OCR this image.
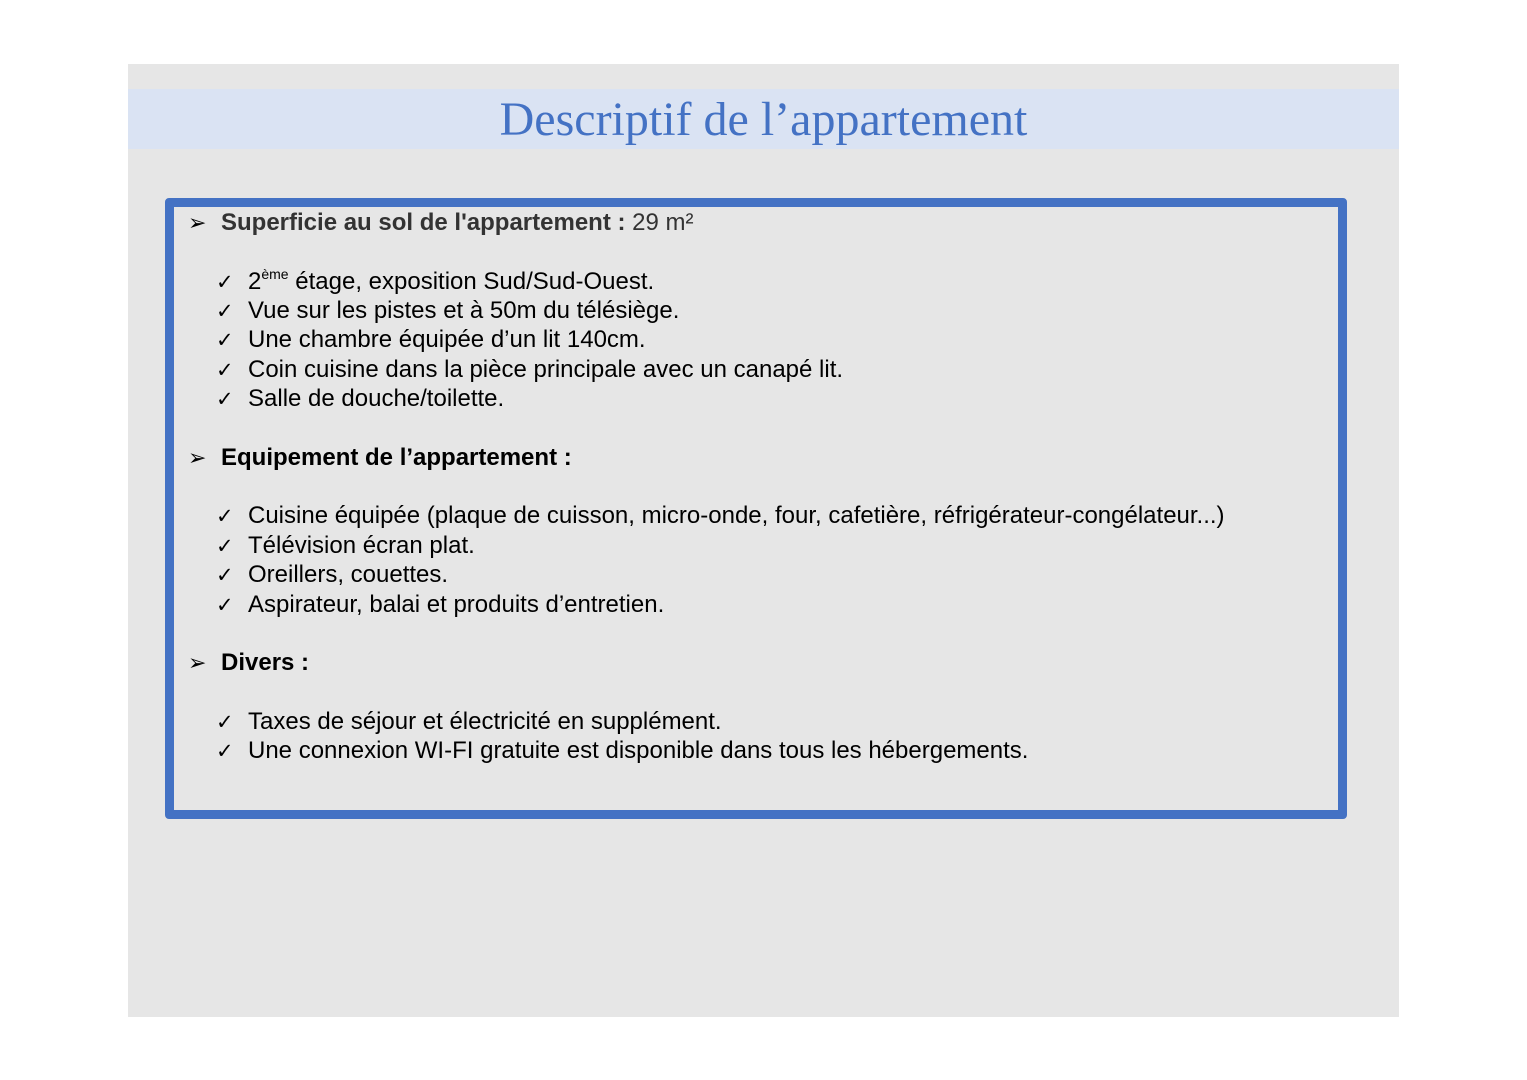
Descriptif de l’appartement
➢ Superficie au sol de l'appartement : 29 m²
✓ 2ème étage, exposition Sud/Sud-Ouest.
✓ Vue sur les pistes et à 50m du télésiège.
✓ Une chambre équipée d’un lit 140cm.
✓ Coin cuisine dans la pièce principale avec un canapé lit.
✓ Salle de douche/toilette.
➢ Equipement de l’appartement :
✓ Cuisine équipée (plaque de cuisson, micro-onde, four, cafetière, réfrigérateur-congélateur...)
✓ Télévision écran plat.
✓ Oreillers, couettes.
✓ Aspirateur, balai et produits d’entretien.
➢ Divers :
✓ Taxes de séjour et électricité en supplément.
✓ Une connexion WI-FI gratuite est disponible dans tous les hébergements.
